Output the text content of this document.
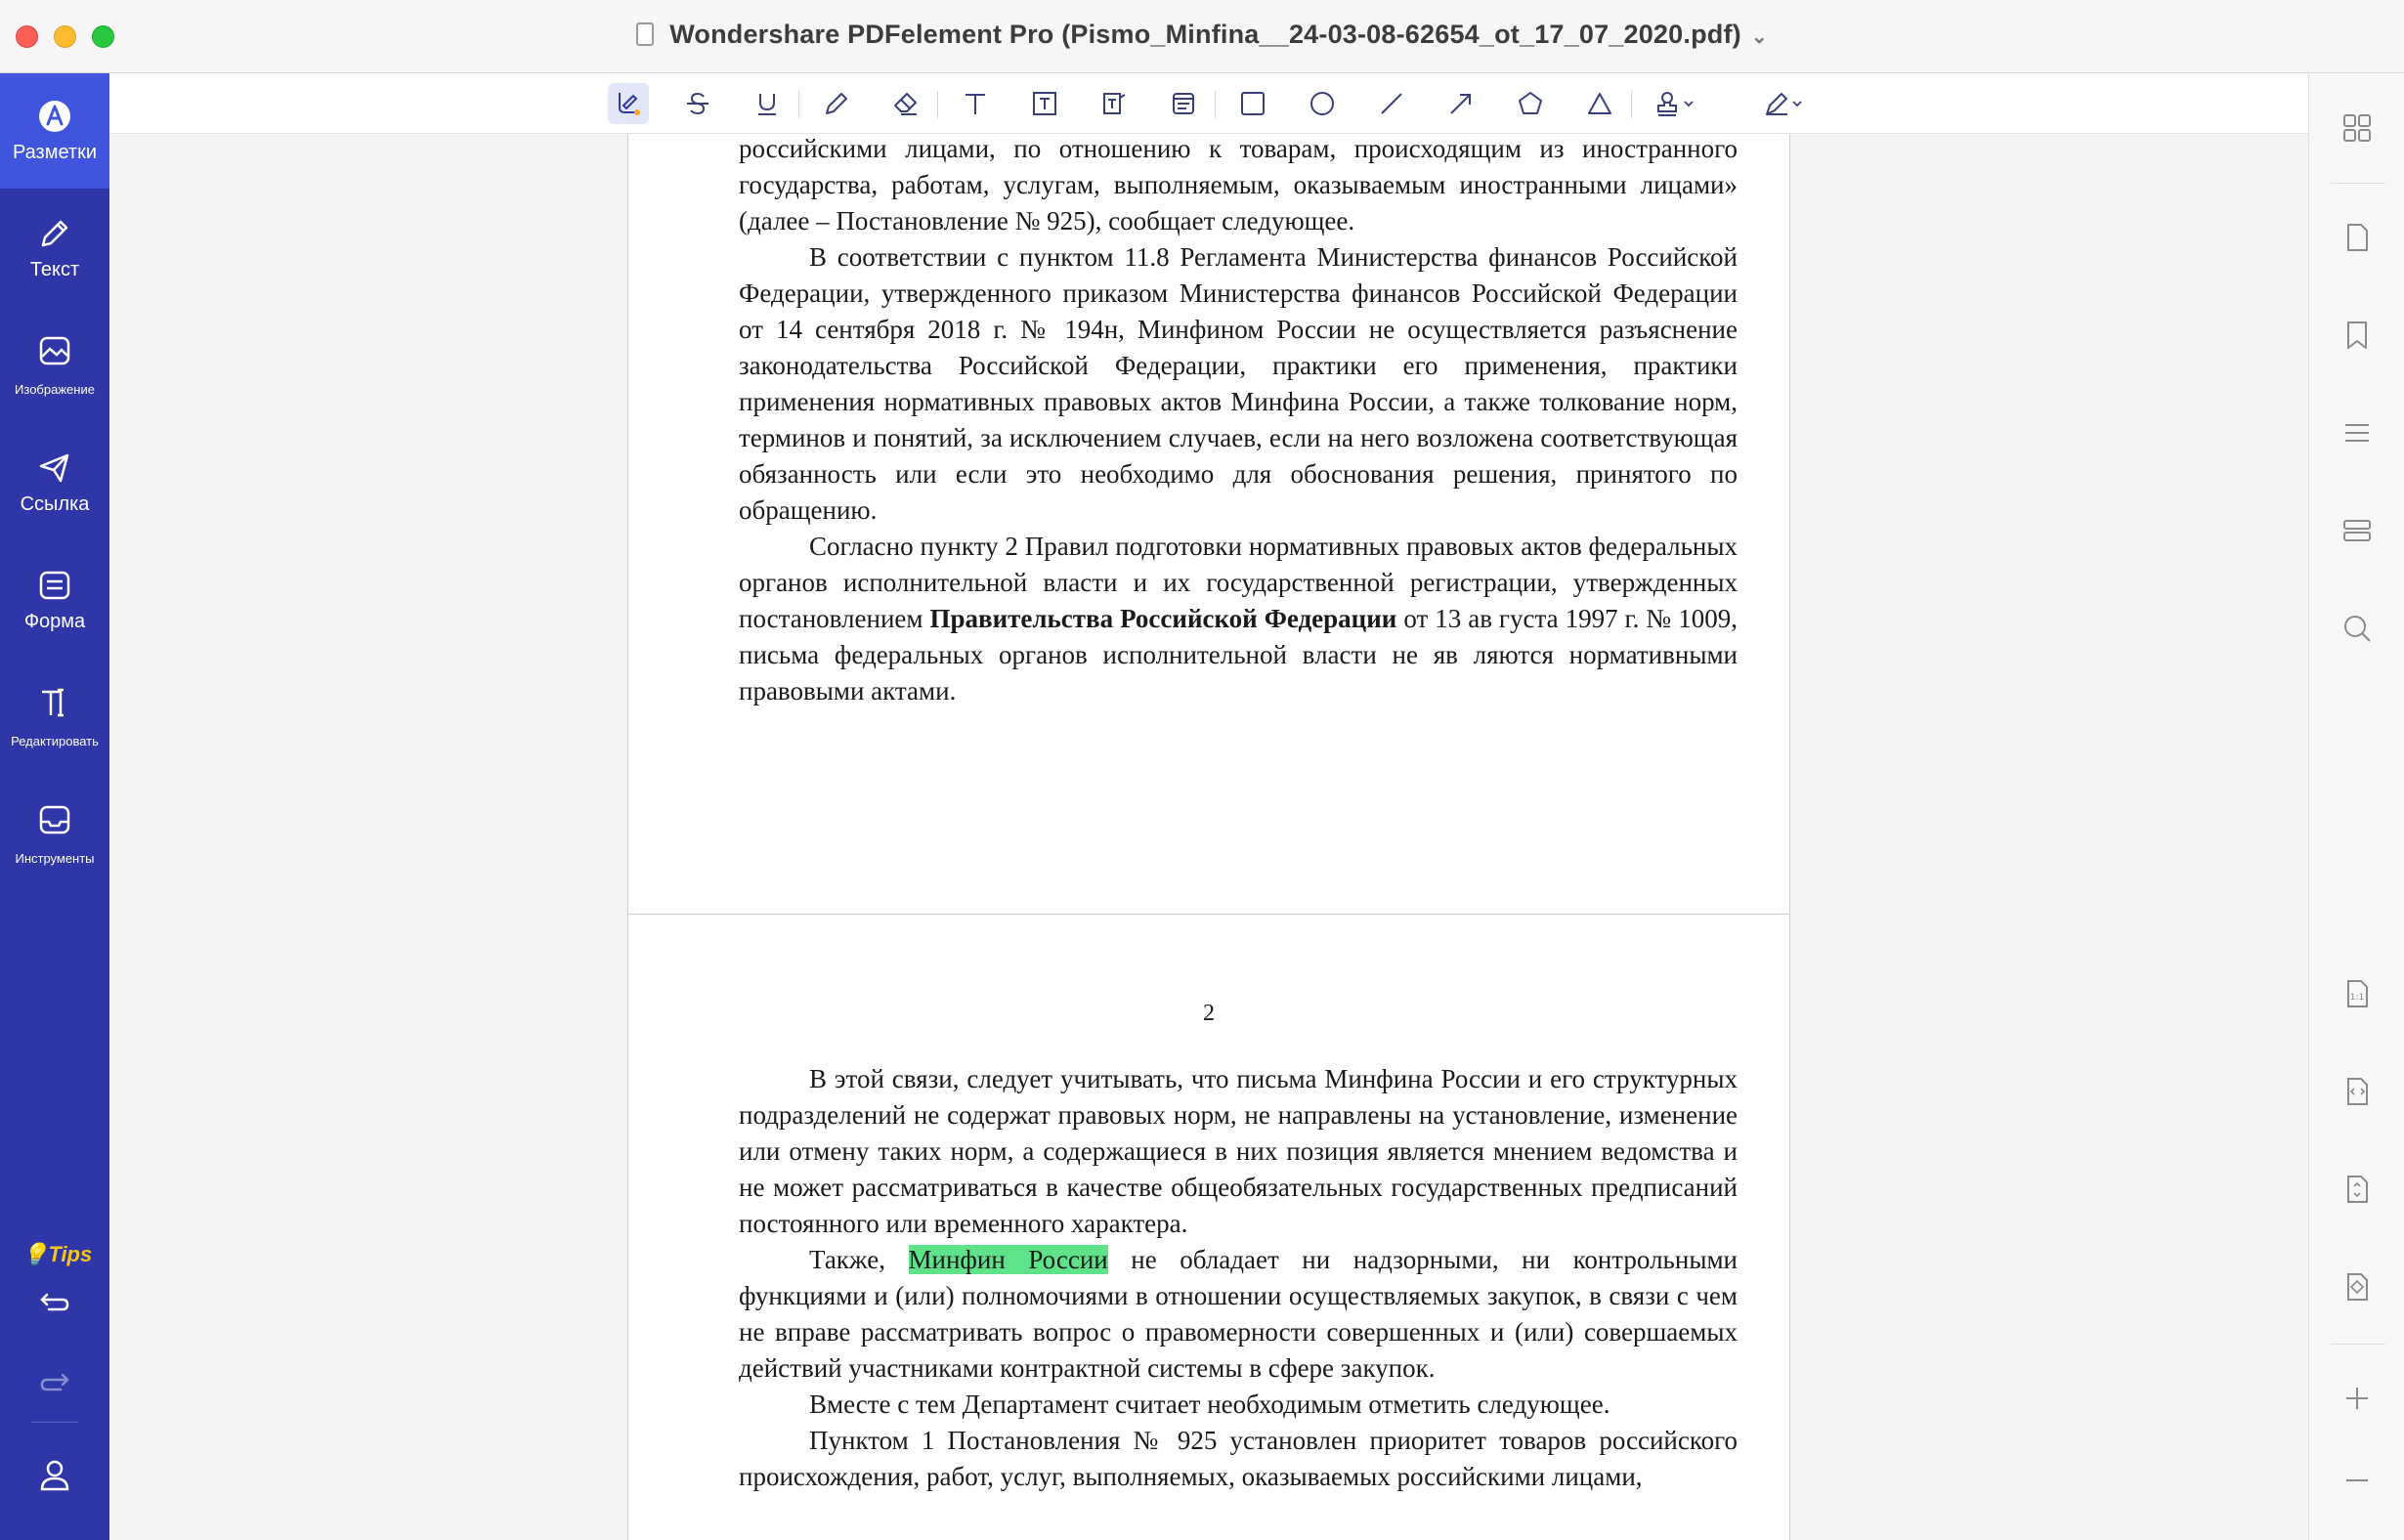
Wondershare PDFelement Pro (Pismo_Minfina__24-03-08-62654_ot_17_07_2020.pdf) ⌄
Разметки
Текст
Изображение
Ссылка
Форма
Редактировать
Инструменты
💡Tips

российскими лицами, по отношению к товарам, происходящим из иностранного государства, работам, услугам, выполняемым, оказываемым иностранными лицами» (далее – Постановление № 925), сообщает следующее.

В соответствии с пунктом 11.8 Регламента Министерства финансов Российской Федерации, утвержденного приказом Министерства финансов Российской Федерации от 14 сентября 2018 г. № 194н, Минфином России не осуществляется разъяснение законодательства Российской Федерации, практики его применения, практики применения нормативных правовых актов Минфина России, а также толкование норм, терминов и понятий, за исключением случаев, если на него возложена соответствующая обязанность или если это необходимо для обоснования решения, принятого по обращению.

Согласно пункту 2 Правил подготовки нормативных правовых актов федеральных органов исполнительной власти и их государственной регистрации, утвержденных постановлением Правительства Российской Федерации от 13 ав густа 1997 г. № 1009, письма федеральных органов исполнительной власти не яв ляются нормативными правовыми актами.

2

В этой связи, следует учитывать, что письма Минфина России и его структурных подразделений не содержат правовых норм, не направлены на установление, изменение или отмену таких норм, а содержащиеся в них позиция является мнением ведомства и не может рассматриваться в качестве общеобязательных государственных предписаний постоянного или временного характера.

Также, Минфин России не обладает ни надзорными, ни контрольными функциями и (или) полномочиями в отношении осуществляемых закупок, в связи с чем не вправе рассматривать вопрос о правомерности совершенных и (или) совершаемых действий участниками контрактной системы в сфере закупок.

Вместе с тем Департамент считает необходимым отметить следующее.

Пунктом 1 Постановления № 925 установлен приоритет товаров российского происхождения, работ, услуг, выполняемых, оказываемых российскими лицами,

1:1
